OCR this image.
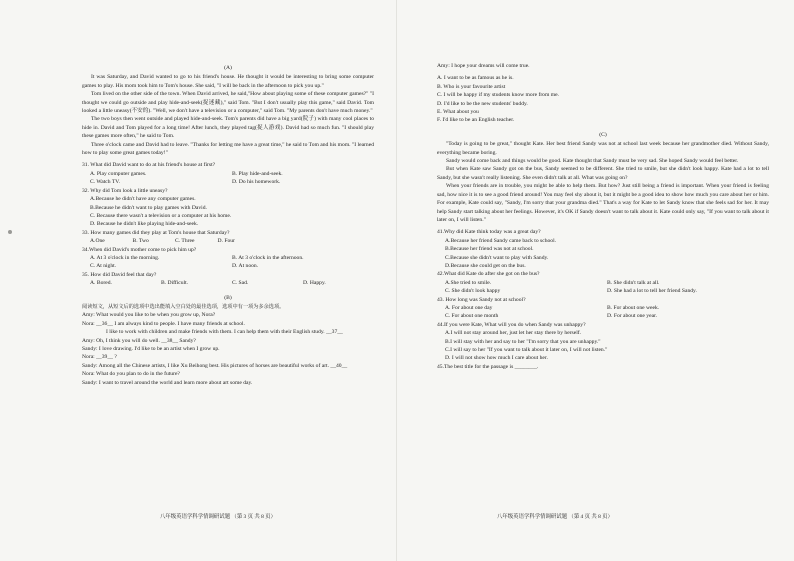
(A)
It was Saturday, and David wanted to go to his friend's house. He thought it would be interesting to bring some computer games to play. His mom took him to Tom's house. She said, "I will be back in the afternoon to pick you up."
Tom lived on the other side of the town. When David arrived, he said,"How about playing some of these computer games?" "I thought we could go outside and play hide-and-seek(捉迷藏)," said Tom. "But I don't usually play this game," said David. Tom looked a little uneasy(不安的). "Well, we don't have a television or a computer," said Tom. "My parents don't have much money."
The two boys then went outside and played hide-and-seek. Tom's parents did have a big yard(院子) with many cool places to hide in. David and Tom played for a long time! After lunch, they played tag(捉人游戏). David had so much fun. "I should play these games more often," he said to Tom.
Three o'clock came and David had to leave. "Thanks for letting me have a great time," he said to Tom and his mom. "I learned how to play some great games today!"
31. What did David want to do at his friend's house at first?
A. Play computer games.	B. Play hide-and-seek.
C. Watch TV.	D. Do his homework.
32. Why did Tom look a little uneasy?
A.Because he didn't have any computer games.
B.Because he didn't want to play games with David.
C. Because there wasn't a television or a computer at his home.
D. Because he didn't like playing hide-and-seek.
33. How many games did they play at Tom's house that Saturday?
A.One	B. Two	C. Three	D. Four
34.When did David's mother come to pick him up?
A. At 3 o'clock in the morning.	B. At 3 o'clock in the afternoon.
C. At night.	D. At noon.
35. How did David feel that day?
A. Bored.	B. Difficult.	C. Sad.	D. Happy.
(B)
阅读短文，从短文后的选项中选出能填入空白处的最佳选项，选项中有一项为多余选项。
Amy: What would you like to be when you grow up, Nora?
Nora: __36__ I am always kind to people. I have many friends at school.
I like to work with children and make friends with them. I can help them with their English study. __37__
Amy: Oh, I think you will do well. __38__ Sandy?
Sandy: I love drawing. I'd like to be an artist when I grow up.
Nora: __39__ ?
Sandy: Among all the Chinese artists, I like Xu Beihong best. His pictures of horses are beautiful works of art. __40__
Nora: What do you plan to do in the future?
Sandy: I want to travel around the world and learn more about art some day.
八年级英语学科学情调研试题 （第 3 页 共 8 页）
Amy: I hope your dreams will come true.
A. I want to be as famous as he is.
B. Who is your favourite artist
C. I will be happy if my students know more from me.
D. I'd like to be the new students' buddy.
E. What about you
F. I'd like to be an English teacher.
(C)
"Today is going to be great," thought Kate. Her best friend Sandy was not at school last week because her grandmother died. Without Sandy, everything became boring.
Sandy would come back and things would be good. Kate thought that Sandy must be very sad. She hoped Sandy would feel better.
But when Kate saw Sandy got on the bus, Sandy seemed to be different. She tried to smile, but she didn't look happy. Kate had a lot to tell Sandy, but she wasn't really listening. She even didn't talk at all. What was going on?
When your friends are in trouble, you might be able to help them. But how? Just still being a friend is important. When your friend is feeling sad, how nice it is to see a good friend around! You may feel shy about it, but it might be a good idea to show how much you care about her or him. For example, Kate could say, "Sandy, I'm sorry that your grandma died." That's a way for Kate to let Sandy know that she feels sad for her. It may help Sandy start talking about her feelings. However, it's OK if Sandy doesn't want to talk about it. Kate could only say, "If you want to talk about it later on, I will listen."
41.Why did Kate think today was a great day?
A.Because her friend Sandy came back to school.
B.Because her friend was not at school.
C.Because she didn't want to play with Sandy.
D.Because she could get on the bus.
42.What did Kate do after she got on the bus?
A.She tried to smile.	B. She didn't talk at all.
C. She didn't look happy	D. She had a lot to tell her friend Sandy.
43. How long was Sandy not at school?
A. For about one day	B. For about one week.
C. For about one month	D. For about one year.
44.If you were Kate, What will you do when Sandy was unhappy?
A.I will not stay around her, just let her stay there by herself.
B.I will stay with her and say to her "I'm sorry that you are unhappy."
C.I will say to her "If you want to talk about it later on, I will not listen."
D. I will not show how much I care about her.
45.The best title for the passage is ________.
八年级英语学科学情调研试题 （第 4 页 共 8 页）
